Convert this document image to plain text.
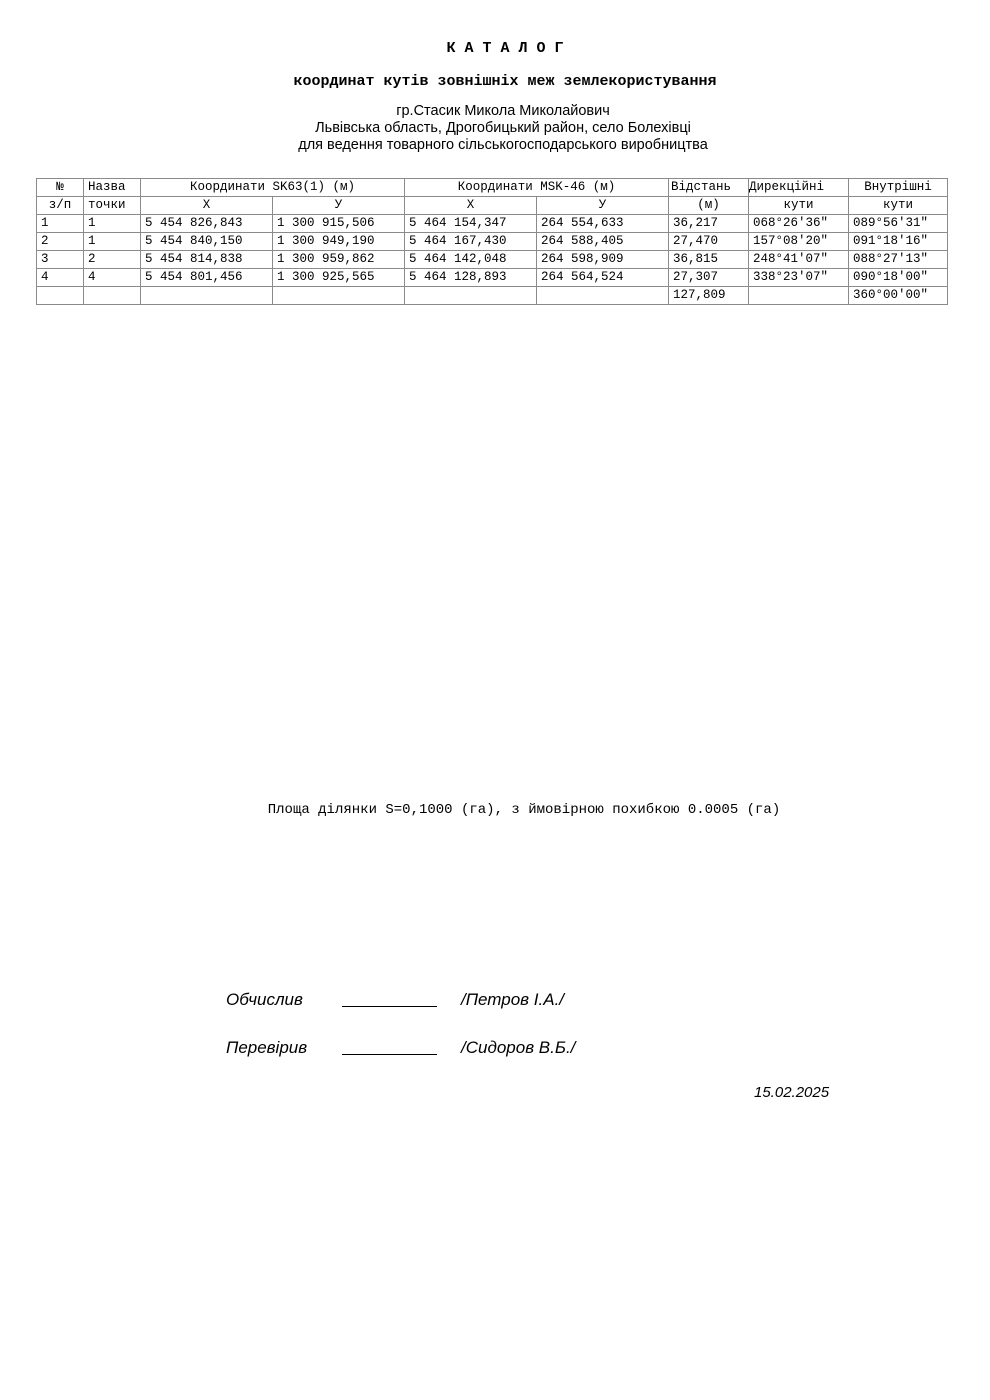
К А Т А Л О Г
координат кутів зовнішніх меж землекористування
гр.Стасик Микола Миколайович
Львівська область, Дрогобицький район, село Болехівці
для ведення товарного сільськогосподарського виробництва
№	Назва	Координати SK63(1) (м)		Координати MSK-46 (м)		Відстань	Дирекційні	Внутрішні
з/п	точки	X	У	X	У	(м)	кути	кути
1	1	5 454 826,843	1 300 915,506	5 464 154,347	264 554,633	36,217	068°26'36"	089°56'31"
2	1	5 454 840,150	1 300 949,190	5 464 167,430	264 588,405	27,470	157°08'20"	091°18'16"
3	2	5 454 814,838	1 300 959,862	5 464 142,048	264 598,909	36,815	248°41'07"	088°27'13"
4	4	5 454 801,456	1 300 925,565	5 464 128,893	264 564,524	27,307	338°23'07"	090°18'00"
						127,809		360°00'00"
Площа ділянки S=0,1000 (га), з ймовірною похибкою 0.0005 (га)
Обчислив	/Петров І.А./
Перевірив	/Сидоров В.Б./
15.02.2025
